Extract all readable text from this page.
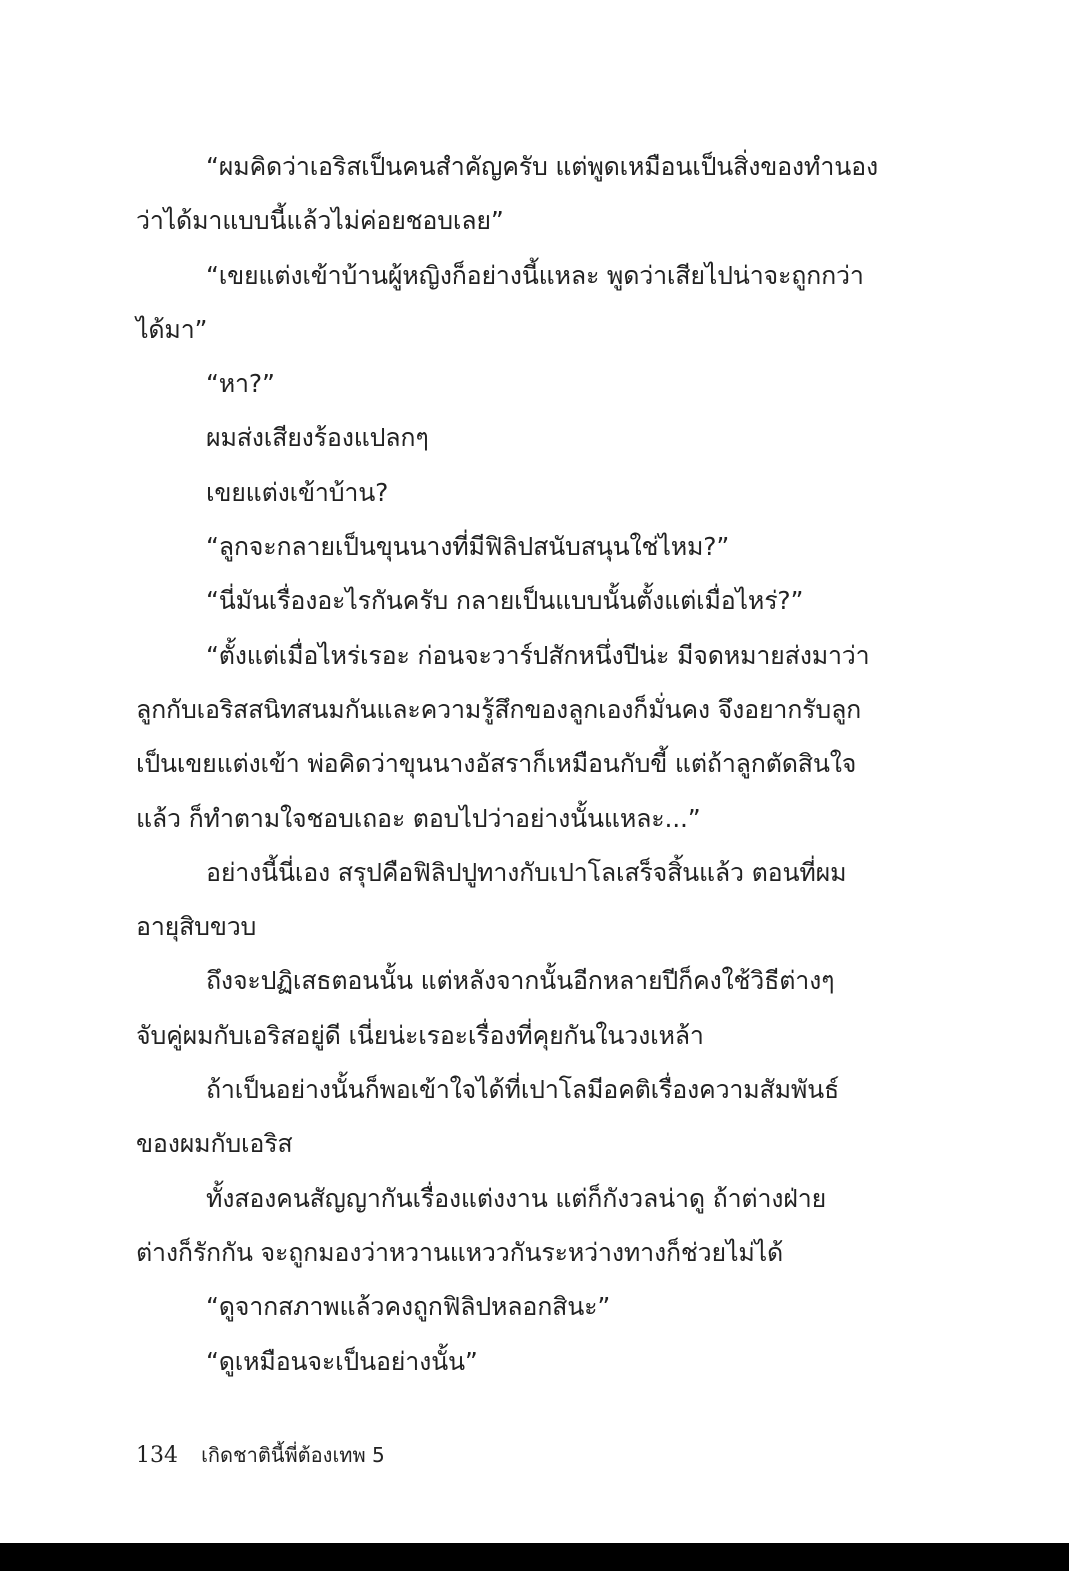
“ผมคิดว่าเอริสเป็นคนสำคัญครับ แต่พูดเหมือนเป็นสิ่งของทำนอง
ว่าได้มาแบบนี้แล้วไม่ค่อยชอบเลย”
“เขยแต่งเข้าบ้านผู้หญิงก็อย่างนี้แหละ พูดว่าเสียไปน่าจะถูกกว่า
ได้มา”
“หา?”
ผมส่งเสียงร้องแปลกๆ
เขยแต่งเข้าบ้าน?
“ลูกจะกลายเป็นขุนนางที่มีฟิลิปสนับสนุนใช่ไหม?”
“นี่มันเรื่องอะไรกันครับ กลายเป็นแบบนั้นตั้งแต่เมื่อไหร่?”
“ตั้งแต่เมื่อไหร่เรอะ ก่อนจะวาร์ปสักหนึ่งปีน่ะ มีจดหมายส่งมาว่า
ลูกกับเอริสสนิทสนมกันและความรู้สึกของลูกเองก็มั่นคง จึงอยากรับลูก
เป็นเขยแต่งเข้า พ่อคิดว่าขุนนางอัสราก็เหมือนกับขี้ แต่ถ้าลูกตัดสินใจ
แล้ว ก็ทำตามใจชอบเถอะ ตอบไปว่าอย่างนั้นแหละ...”
อย่างนี้นี่เอง สรุปคือฟิลิปปูทางกับเปาโลเสร็จสิ้นแล้ว ตอนที่ผม
อายุสิบขวบ
ถึงจะปฏิเสธตอนนั้น แต่หลังจากนั้นอีกหลายปีก็คงใช้วิธีต่างๆ
จับคู่ผมกับเอริสอยู่ดี เนี่ยน่ะเรอะเรื่องที่คุยกันในวงเหล้า
ถ้าเป็นอย่างนั้นก็พอเข้าใจได้ที่เปาโลมีอคติเรื่องความสัมพันธ์
ของผมกับเอริส
ทั้งสองคนสัญญากันเรื่องแต่งงาน แต่ก็กังวลน่าดู ถ้าต่างฝ่าย
ต่างก็รักกัน จะถูกมองว่าหวานแหววกันระหว่างทางก็ช่วยไม่ได้
“ดูจากสภาพแล้วคงถูกฟิลิปหลอกสินะ”
“ดูเหมือนจะเป็นอย่างนั้น”
134 เกิดชาตินี้พี่ต้องเทพ 5
